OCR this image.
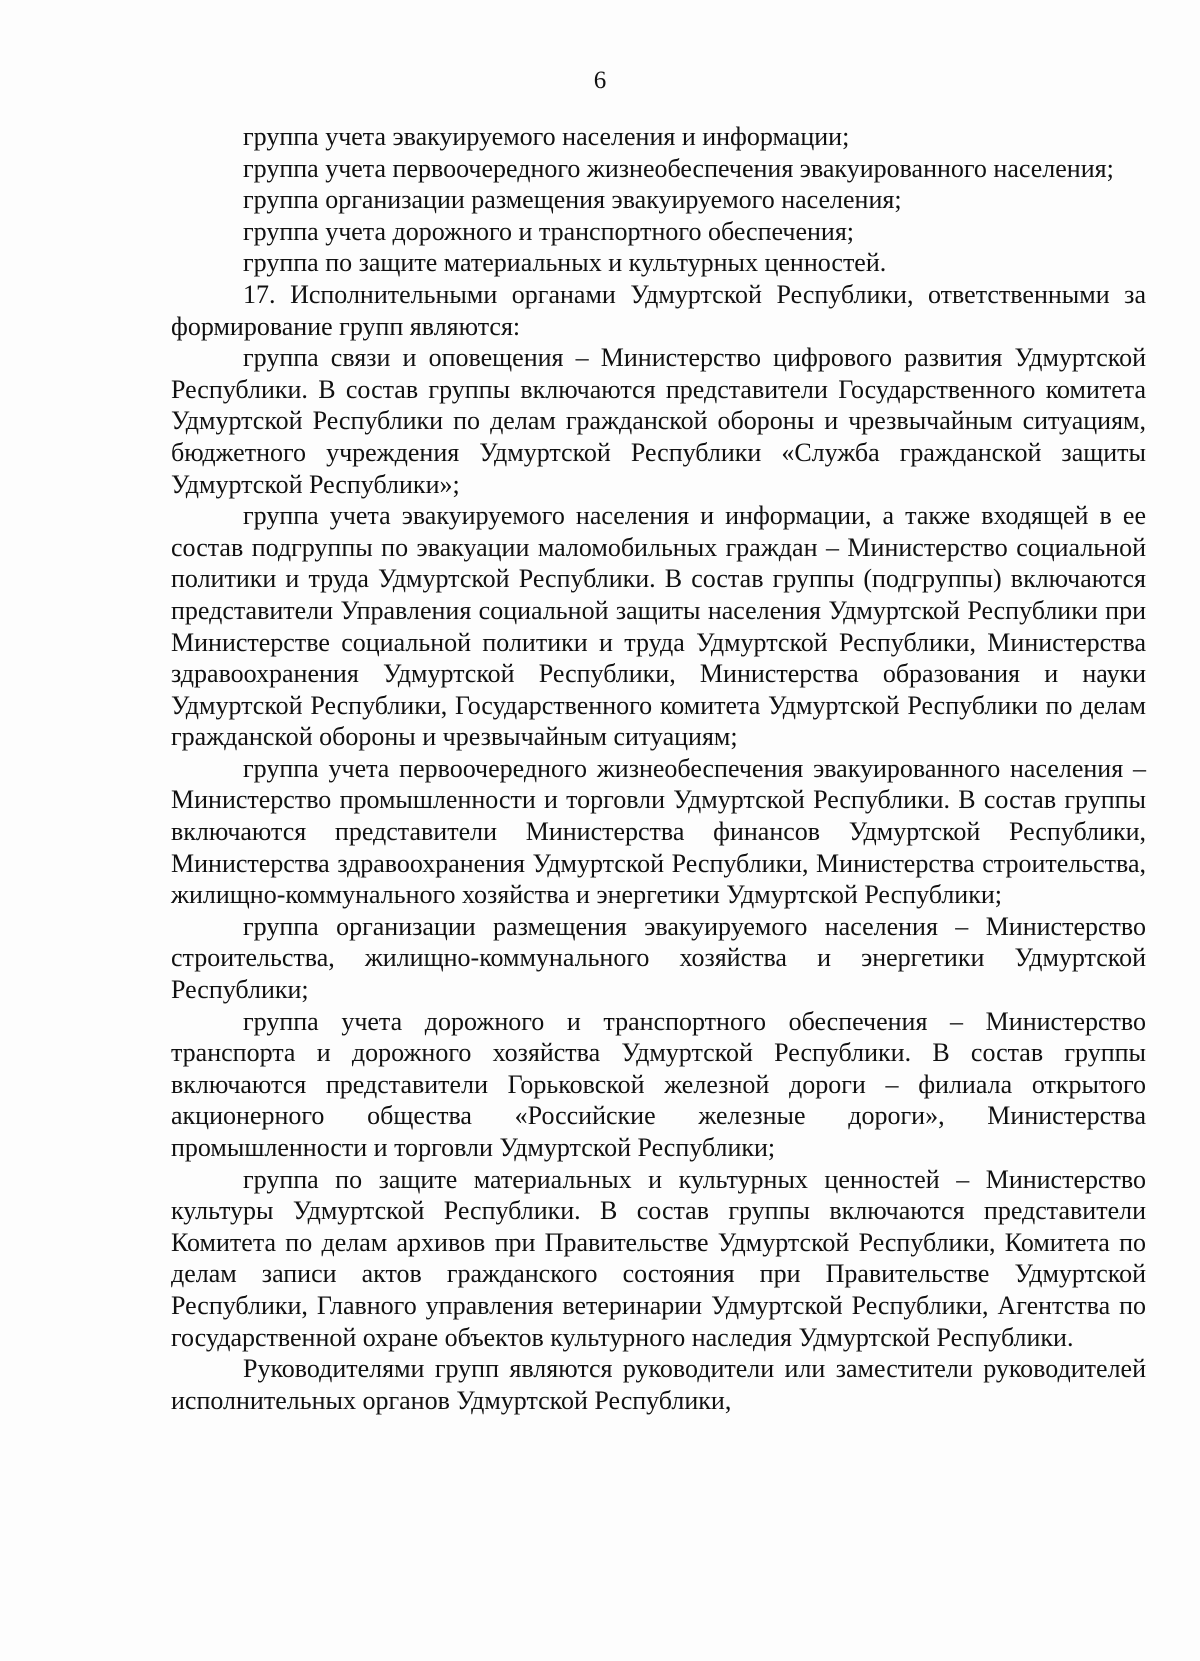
6

группа учета эвакуируемого населения и информации;

группа учета первоочередного жизнеобеспечения эвакуированного населения;

группа организации размещения эвакуируемого населения;

группа учета дорожного и транспортного обеспечения;

группа по защите материальных и культурных ценностей.

17. Исполнительными органами Удмуртской Республики, ответственными за формирование групп являются:

группа связи и оповещения – Министерство цифрового развития Удмуртской Республики. В состав группы включаются представители Государственного комитета Удмуртской Республики по делам гражданской обороны и чрезвычайным ситуациям, бюджетного учреждения Удмуртской Республики «Служба гражданской защиты Удмуртской Республики»;

группа учета эвакуируемого населения и информации, а также входящей в ее состав подгруппы по эвакуации маломобильных граждан – Министерство социальной политики и труда Удмуртской Республики. В состав группы (подгруппы) включаются представители Управления социальной защиты населения Удмуртской Республики при Министерстве социальной политики и труда Удмуртской Республики, Министерства здравоохранения Удмуртской Республики, Министерства образования и науки Удмуртской Республики, Государственного комитета Удмуртской Республики по делам гражданской обороны и чрезвычайным ситуациям;

группа учета первоочередного жизнеобеспечения эвакуированного населения – Министерство промышленности и торговли Удмуртской Республики. В состав группы включаются представители Министерства финансов Удмуртской Республики, Министерства здравоохранения Удмуртской Республики, Министерства строительства, жилищно-коммунального хозяйства и энергетики Удмуртской Республики;

группа организации размещения эвакуируемого населения – Министерство строительства, жилищно-коммунального хозяйства и энергетики Удмуртской Республики;

группа учета дорожного и транспортного обеспечения – Министерство транспорта и дорожного хозяйства Удмуртской Республики. В состав группы включаются представители Горьковской железной дороги – филиала открытого акционерного общества «Российские железные дороги», Министерства промышленности и торговли Удмуртской Республики;

группа по защите материальных и культурных ценностей – Министерство культуры Удмуртской Республики. В состав группы включаются представители Комитета по делам архивов при Правительстве Удмуртской Республики, Комитета по делам записи актов гражданского состояния при Правительстве Удмуртской Республики, Главного управления ветеринарии Удмуртской Республики, Агентства по государственной охране объектов культурного наследия Удмуртской Республики.

Руководителями групп являются руководители или заместители руководителей исполнительных органов Удмуртской Республики,
